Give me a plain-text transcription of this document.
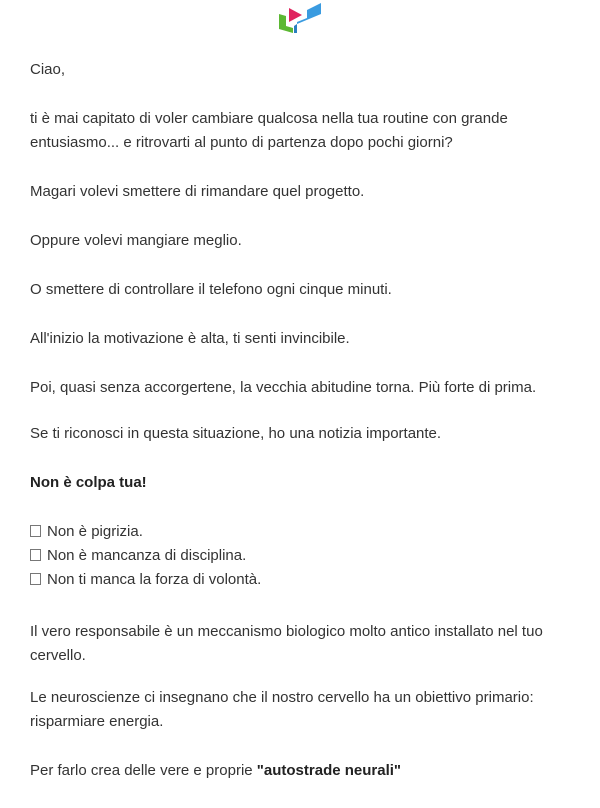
Ciao,

ti è mai capitato di voler cambiare qualcosa nella tua routine con grande entusiasmo... e ritrovarti al punto di partenza dopo pochi giorni?

Magari volevi smettere di rimandare quel progetto.

Oppure volevi mangiare meglio.

O smettere di controllare il telefono ogni cinque minuti.

All'inizio la motivazione è alta, ti senti invincibile.

Poi, quasi senza accorgertene, la vecchia abitudine torna. Più forte di prima.

Se ti riconosci in questa situazione, ho una notizia importante.

Non è colpa tua!

Non è pigrizia.
Non è mancanza di disciplina.
Non ti manca la forza di volontà.

Il vero responsabile è un meccanismo biologico molto antico installato nel tuo cervello.

Le neuroscienze ci insegnano che il nostro cervello ha un obiettivo primario: risparmiare energia.

Per farlo crea delle vere e proprie "autostrade neurali"
